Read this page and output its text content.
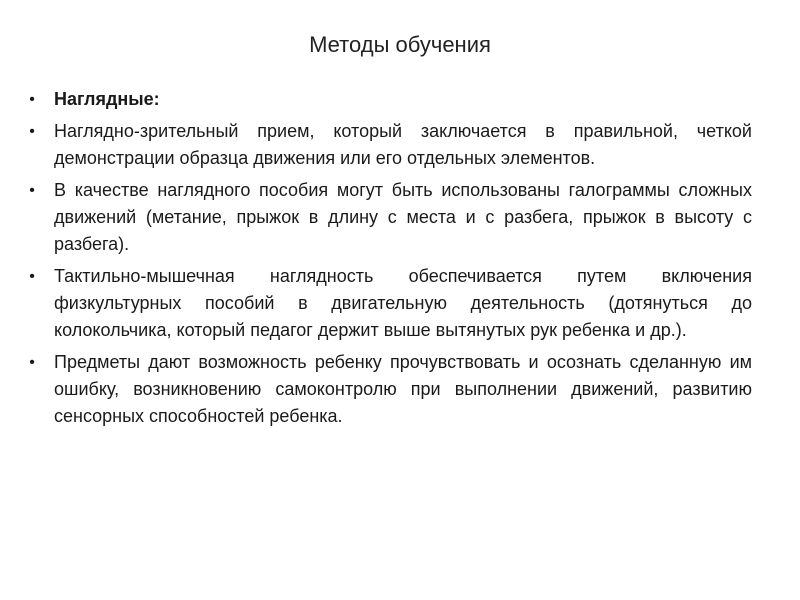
Методы обучения
• Наглядные:
• Наглядно-зрительный прием, который заключается в правильной, четкой демонстрации образца движения или его отдельных элементов.
• В качестве наглядного пособия могут быть использованы галограммы сложных движений (метание, прыжок в длину с места и с разбега, прыжок в высоту с разбега).
• Тактильно-мышечная наглядность обеспечивается путем включения физкультурных пособий в двигательную деятельность (дотянуться до колокольчика, который педагог держит выше вытянутых рук ребенка и др.).
• Предметы дают возможность ребенку прочувствовать и осознать сделанную им ошибку, возникновению самоконтролю при выполнении движений, развитию сенсорных способностей ребенка.
